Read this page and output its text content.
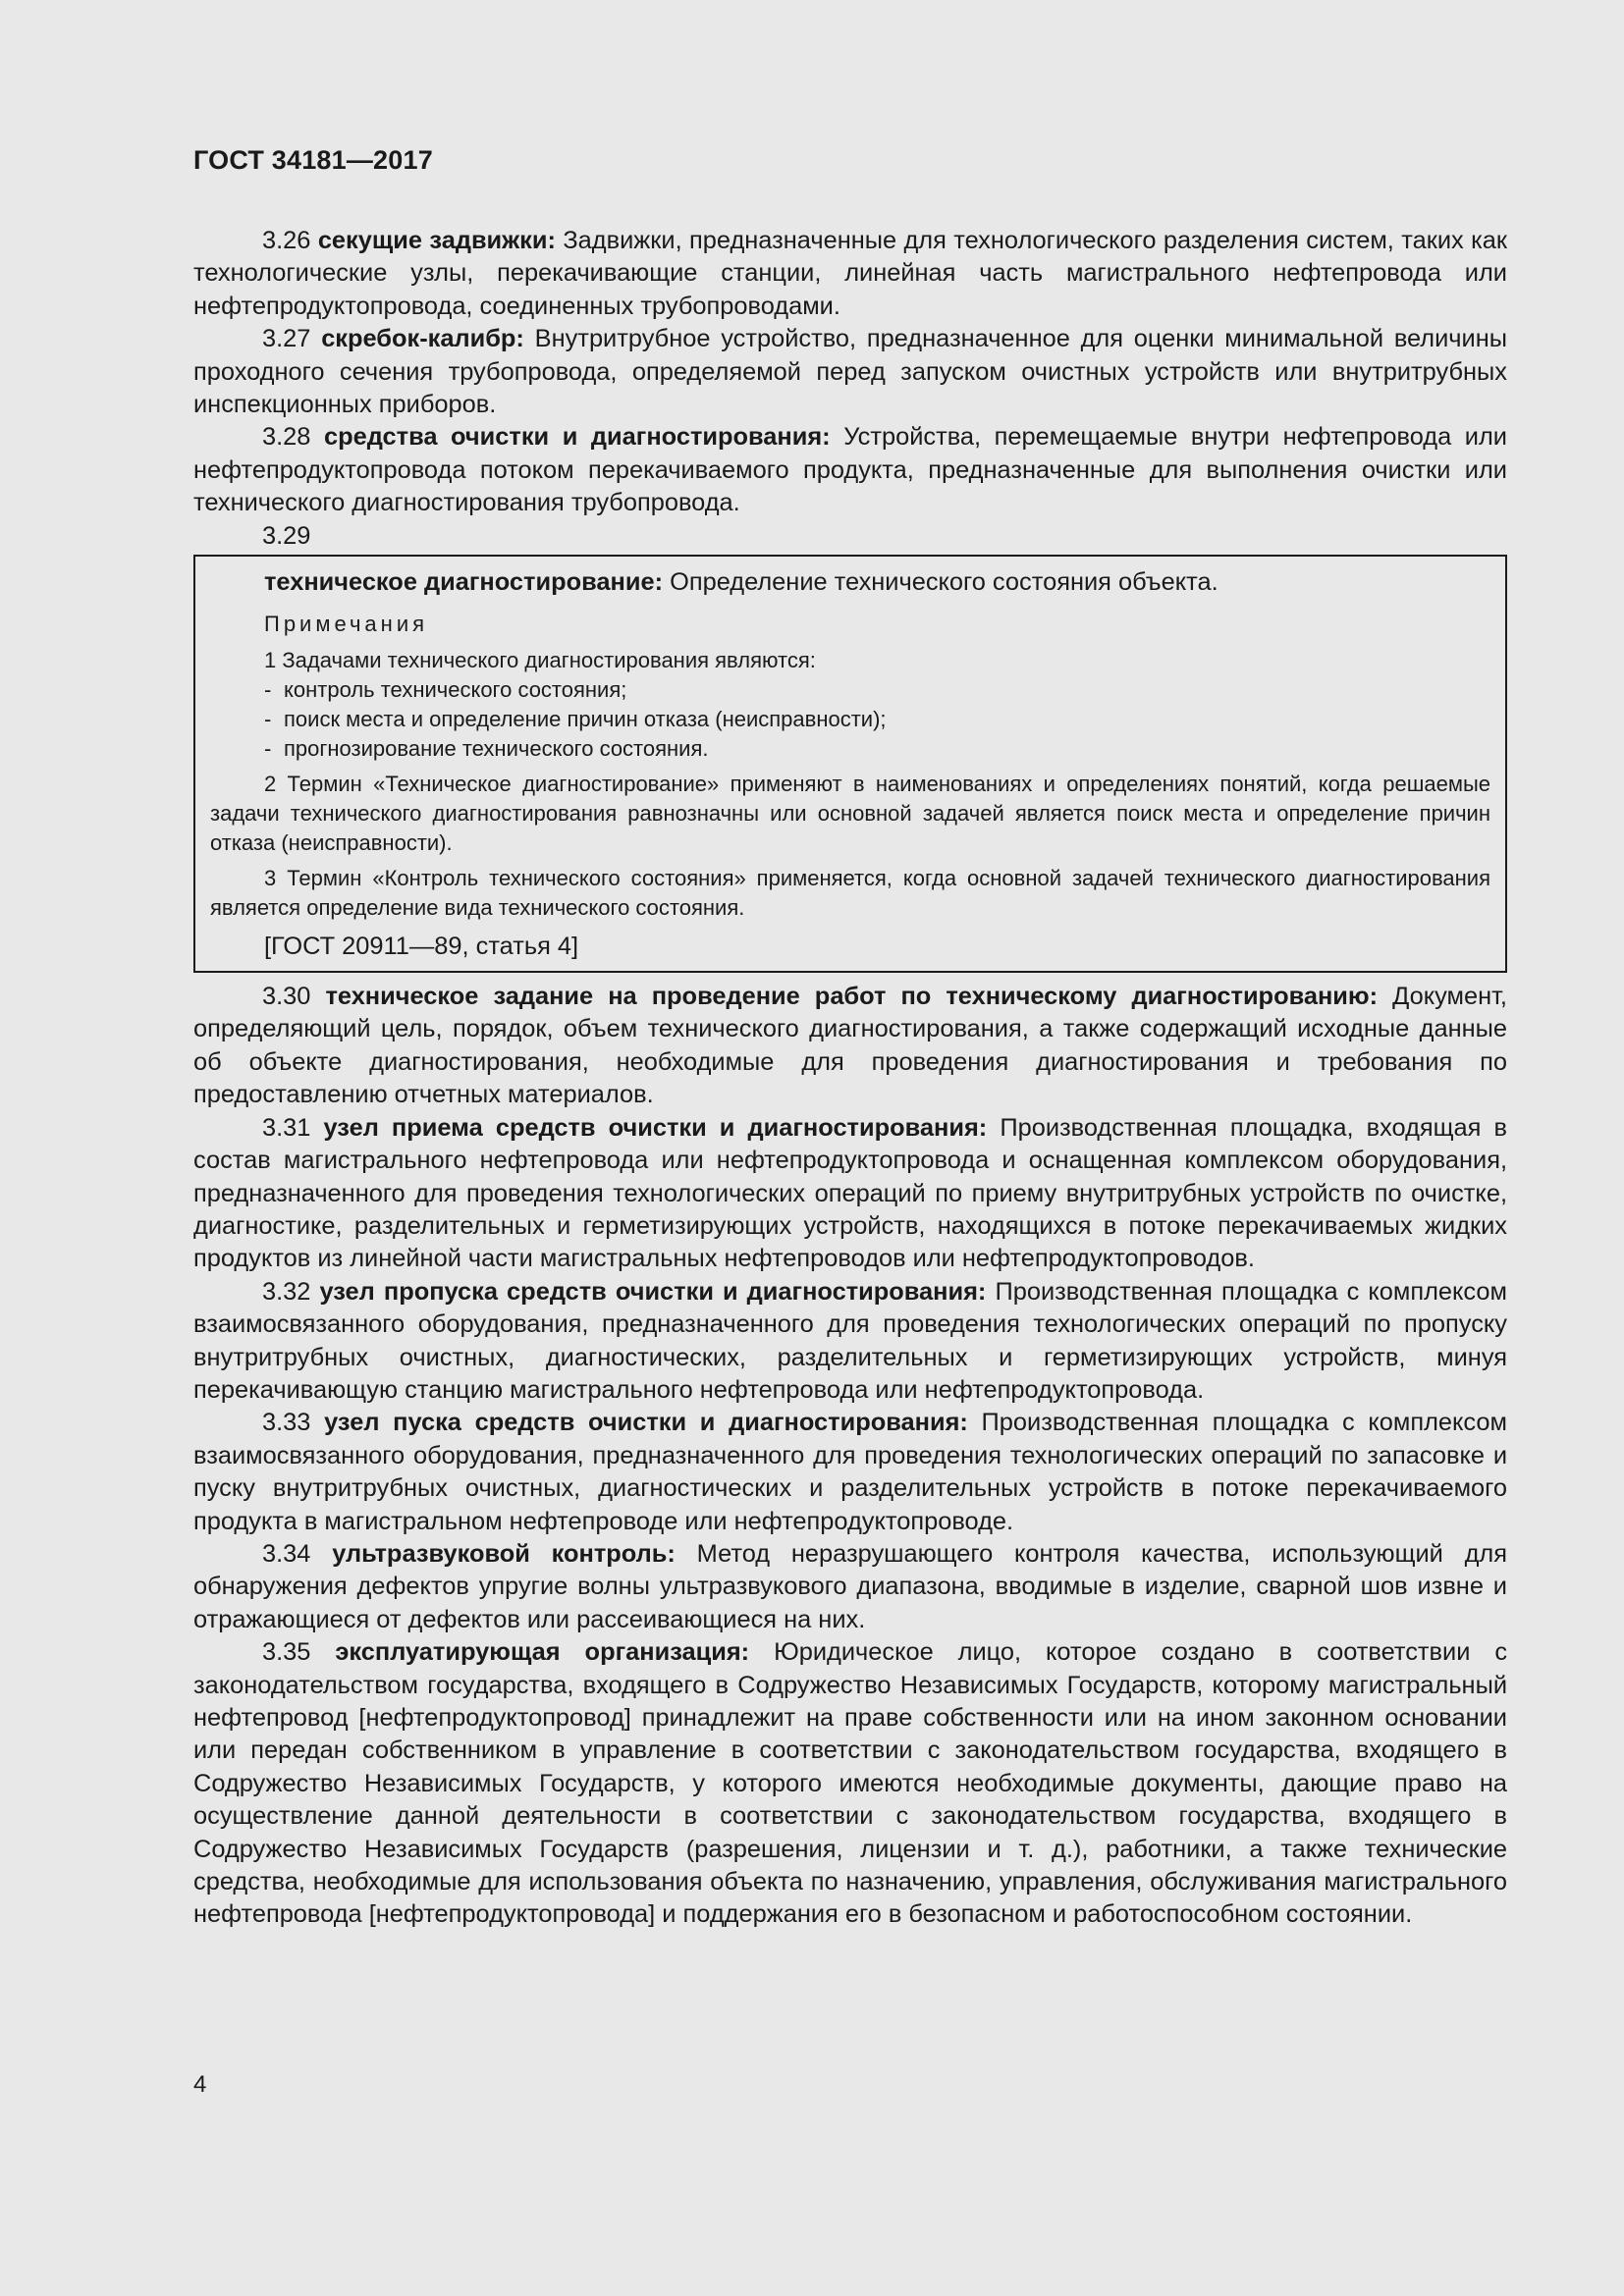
ГОСТ 34181—2017

3.26 секущие задвижки: Задвижки, предназначенные для технологического разделения систем, таких как технологические узлы, перекачивающие станции, линейная часть магистрального нефтепровода или нефтепродуктопровода, соединенных трубопроводами.

3.27 скребок-калибр: Внутритрубное устройство, предназначенное для оценки минимальной величины проходного сечения трубопровода, определяемой перед запуском очистных устройств или внутритрубных инспекционных приборов.

3.28 средства очистки и диагностирования: Устройства, перемещаемые внутри нефтепровода или нефтепродуктопровода потоком перекачиваемого продукта, предназначенные для выполнения очистки или технического диагностирования трубопровода.

3.29

техническое диагностирование: Определение технического состояния объекта.

Примечания

1 Задачами технического диагностирования являются:

- контроль технического состояния;
- поиск места и определение причин отказа (неисправности);
- прогнозирование технического состояния.

2 Термин «Техническое диагностирование» применяют в наименованиях и определениях понятий, когда решаемые задачи технического диагностирования равнозначны или основной задачей является поиск места и определение причин отказа (неисправности).

3 Термин «Контроль технического состояния» применяется, когда основной задачей технического диагностирования является определение вида технического состояния.

[ГОСТ 20911—89, статья 4]

3.30 техническое задание на проведение работ по техническому диагностированию: Документ, определяющий цель, порядок, объем технического диагностирования, а также содержащий исходные данные об объекте диагностирования, необходимые для проведения диагностирования и требования по предоставлению отчетных материалов.

3.31 узел приема средств очистки и диагностирования: Производственная площадка, входящая в состав магистрального нефтепровода или нефтепродуктопровода и оснащенная комплексом оборудования, предназначенного для проведения технологических операций по приему внутритрубных устройств по очистке, диагностике, разделительных и герметизирующих устройств, находящихся в потоке перекачиваемых жидких продуктов из линейной части магистральных нефтепроводов или нефтепродуктопроводов.

3.32 узел пропуска средств очистки и диагностирования: Производственная площадка с комплексом взаимосвязанного оборудования, предназначенного для проведения технологических операций по пропуску внутритрубных очистных, диагностических, разделительных и герметизирующих устройств, минуя перекачивающую станцию магистрального нефтепровода или нефтепродуктопровода.

3.33 узел пуска средств очистки и диагностирования: Производственная площадка с комплексом взаимосвязанного оборудования, предназначенного для проведения технологических операций по запасовке и пуску внутритрубных очистных, диагностических и разделительных устройств в потоке перекачиваемого продукта в магистральном нефтепроводе или нефтепродуктопроводе.

3.34 ультразвуковой контроль: Метод неразрушающего контроля качества, использующий для обнаружения дефектов упругие волны ультразвукового диапазона, вводимые в изделие, сварной шов извне и отражающиеся от дефектов или рассеивающиеся на них.

3.35 эксплуатирующая организация: Юридическое лицо, которое создано в соответствии с законодательством государства, входящего в Содружество Независимых Государств, которому магистральный нефтепровод [нефтепродуктопровод] принадлежит на праве собственности или на ином законном основании или передан собственником в управление в соответствии с законодательством государства, входящего в Содружество Независимых Государств, у которого имеются необходимые документы, дающие право на осуществление данной деятельности в соответствии с законодательством государства, входящего в Содружество Независимых Государств (разрешения, лицензии и т. д.), работники, а также технические средства, необходимые для использования объекта по назначению, управления, обслуживания магистрального нефтепровода [нефтепродуктопровода] и поддержания его в безопасном и работоспособном состоянии.

4
